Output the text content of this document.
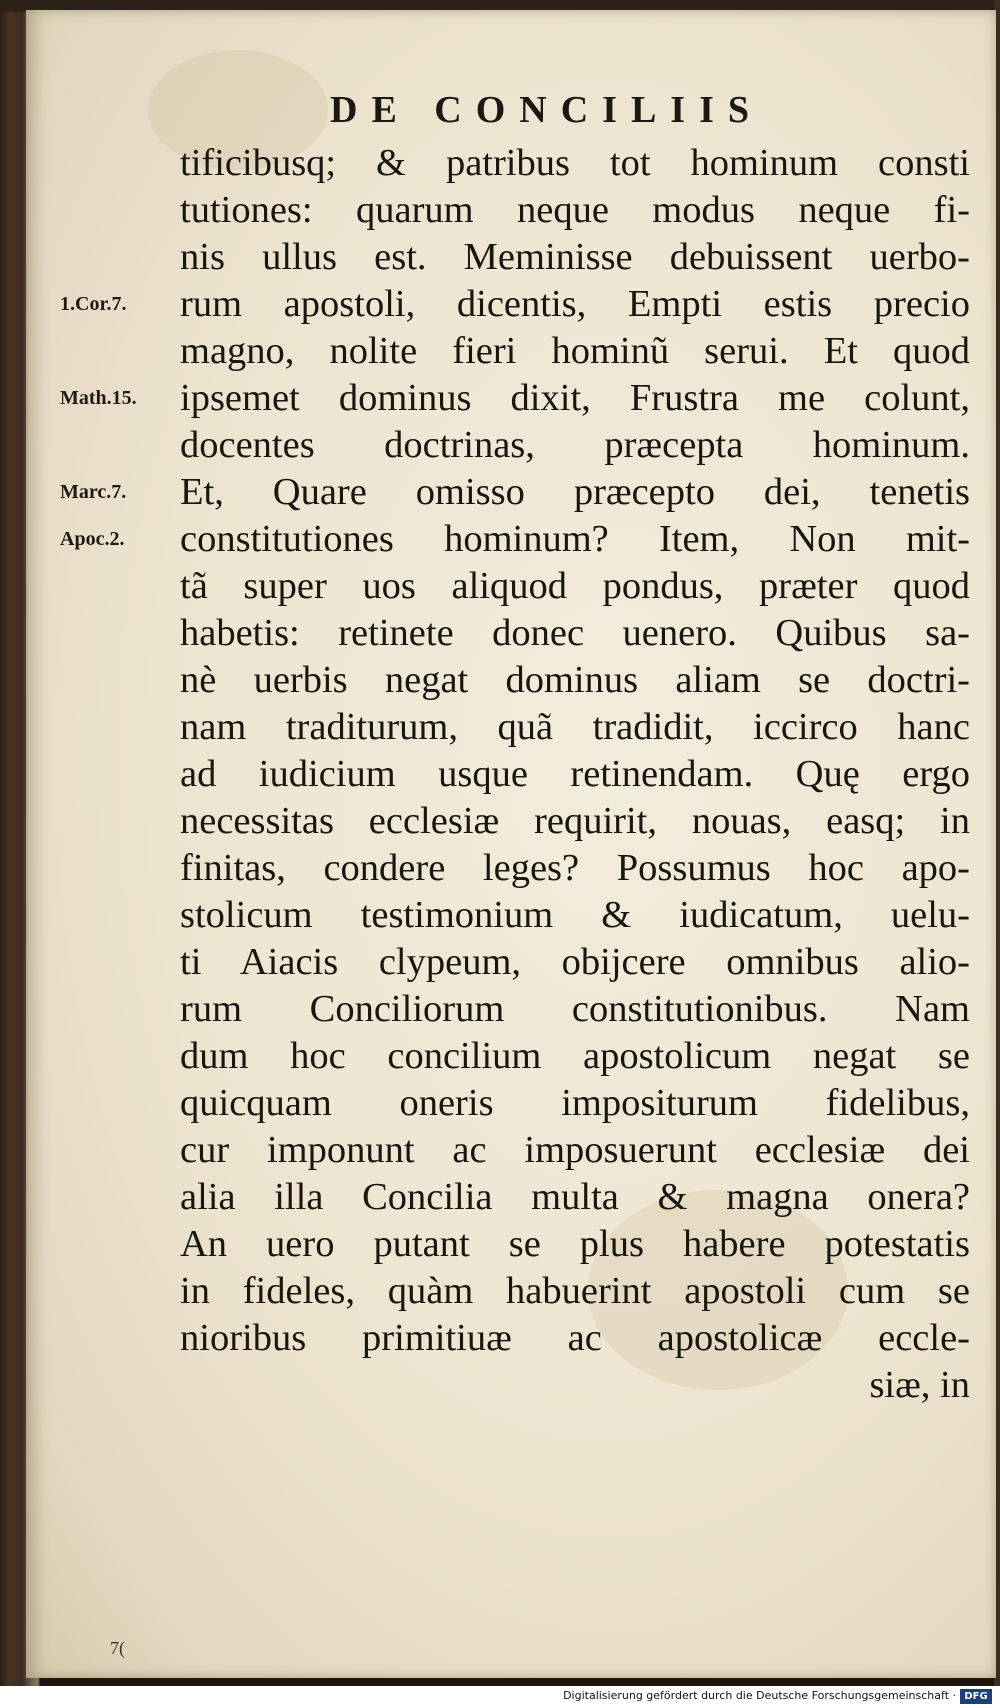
DE CONCILIIS
tificibusq; & patribus tot hominum consti
tutiones: quarum neque modus neque fi-
nis ullus est. Meminisse debuissent uerbo-
rum apostoli, dicentis, Empti estis precio
magno, nolite fieri hominũ serui. Et quod
ipsemet dominus dixit, Frustra me colunt,
docentes doctrinas, præcepta hominum.
Et, Quare omisso præcepto dei, tenetis
constitutiones hominum? Item, Non mit-
tã super uos aliquod pondus, præter quod
habetis: retinete donec uenero. Quibus sa-
nè uerbis negat dominus aliam se doctri-
nam traditurum, quã tradidit, iccirco hanc
ad iudicium usque retinendam. Quę ergo
necessitas ecclesiæ requirit, nouas, easq; in
finitas, condere leges? Possumus hoc apo-
stolicum testimonium & iudicatum, uelu-
ti Aiacis clypeum, obijcere omnibus alio-
rum Conciliorum constitutionibus. Nam
dum hoc concilium apostolicum negat se
quicquam oneris impositurum fidelibus,
cur imponunt ac imposuerunt ecclesiæ dei
alia illa Concilia multa & magna onera?
An uero putant se plus habere potestatis
in fideles, quàm habuerint apostoli cum se
nioribus primitiuæ ac apostolicæ eccle-
siæ, in
1.Cor.7.
Math.15.
Marc.7.
Apoc.2.
7(
Digitalisierung gefördert durch die Deutsche Forschungsgemeinschaft · DFG
